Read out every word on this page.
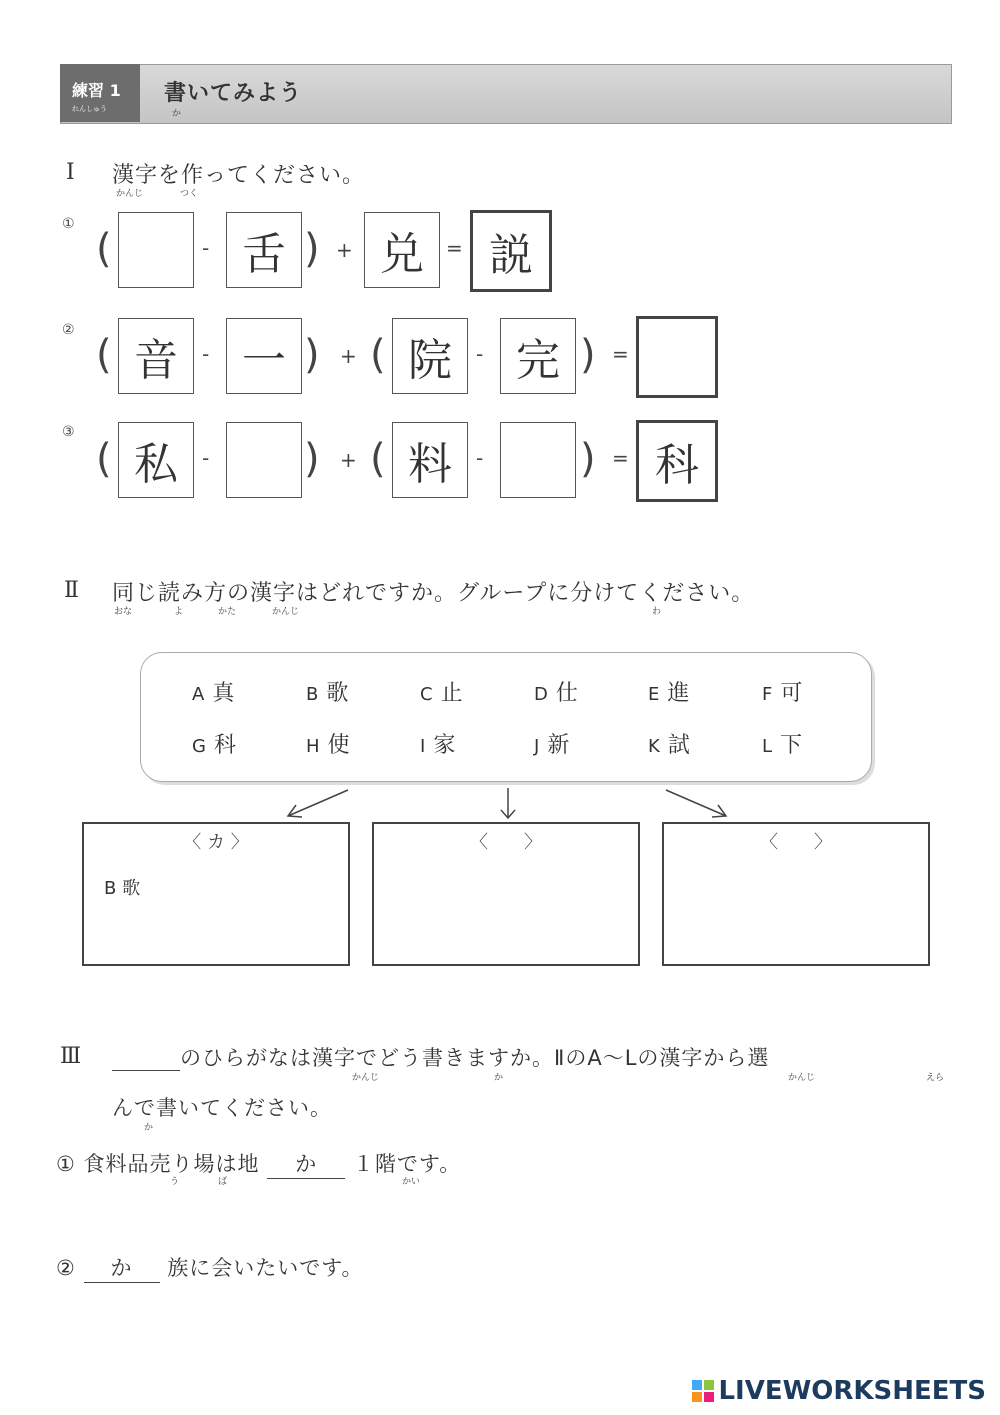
練習 1
れんしゅう
書いてみよう
か
Ⅰ 漢字を作ってください。
かんじ	つく
①
(	- 舌 ) + 兑	= 説
②
( 音	- 一 ) + ( 院	- 完 ) =
③
( 私	- ) + ( 料	- ) = 科
Ⅱ 同じ読み方の漢字はどれですか。グループに分けてください。
おな	よ	かた	かんじ	わ
A 真	B 歌	C 止	D 仕	E 進	F 可
G 科	H 使	I 家	J 新	K 試	L 下
〈 カ 〉
B 歌
〈　　〉	〈　　〉
Ⅲ	のひらがなは漢字でどう書きますか。ⅡのA～Lの漢字から選
かんじ	か	かんじ	えら
んで書いてください。
か
① 食料品売り場は地 か １階です。
う	ば	かい
② か 族に会いたいです。
LIVEWORKSHEETS
